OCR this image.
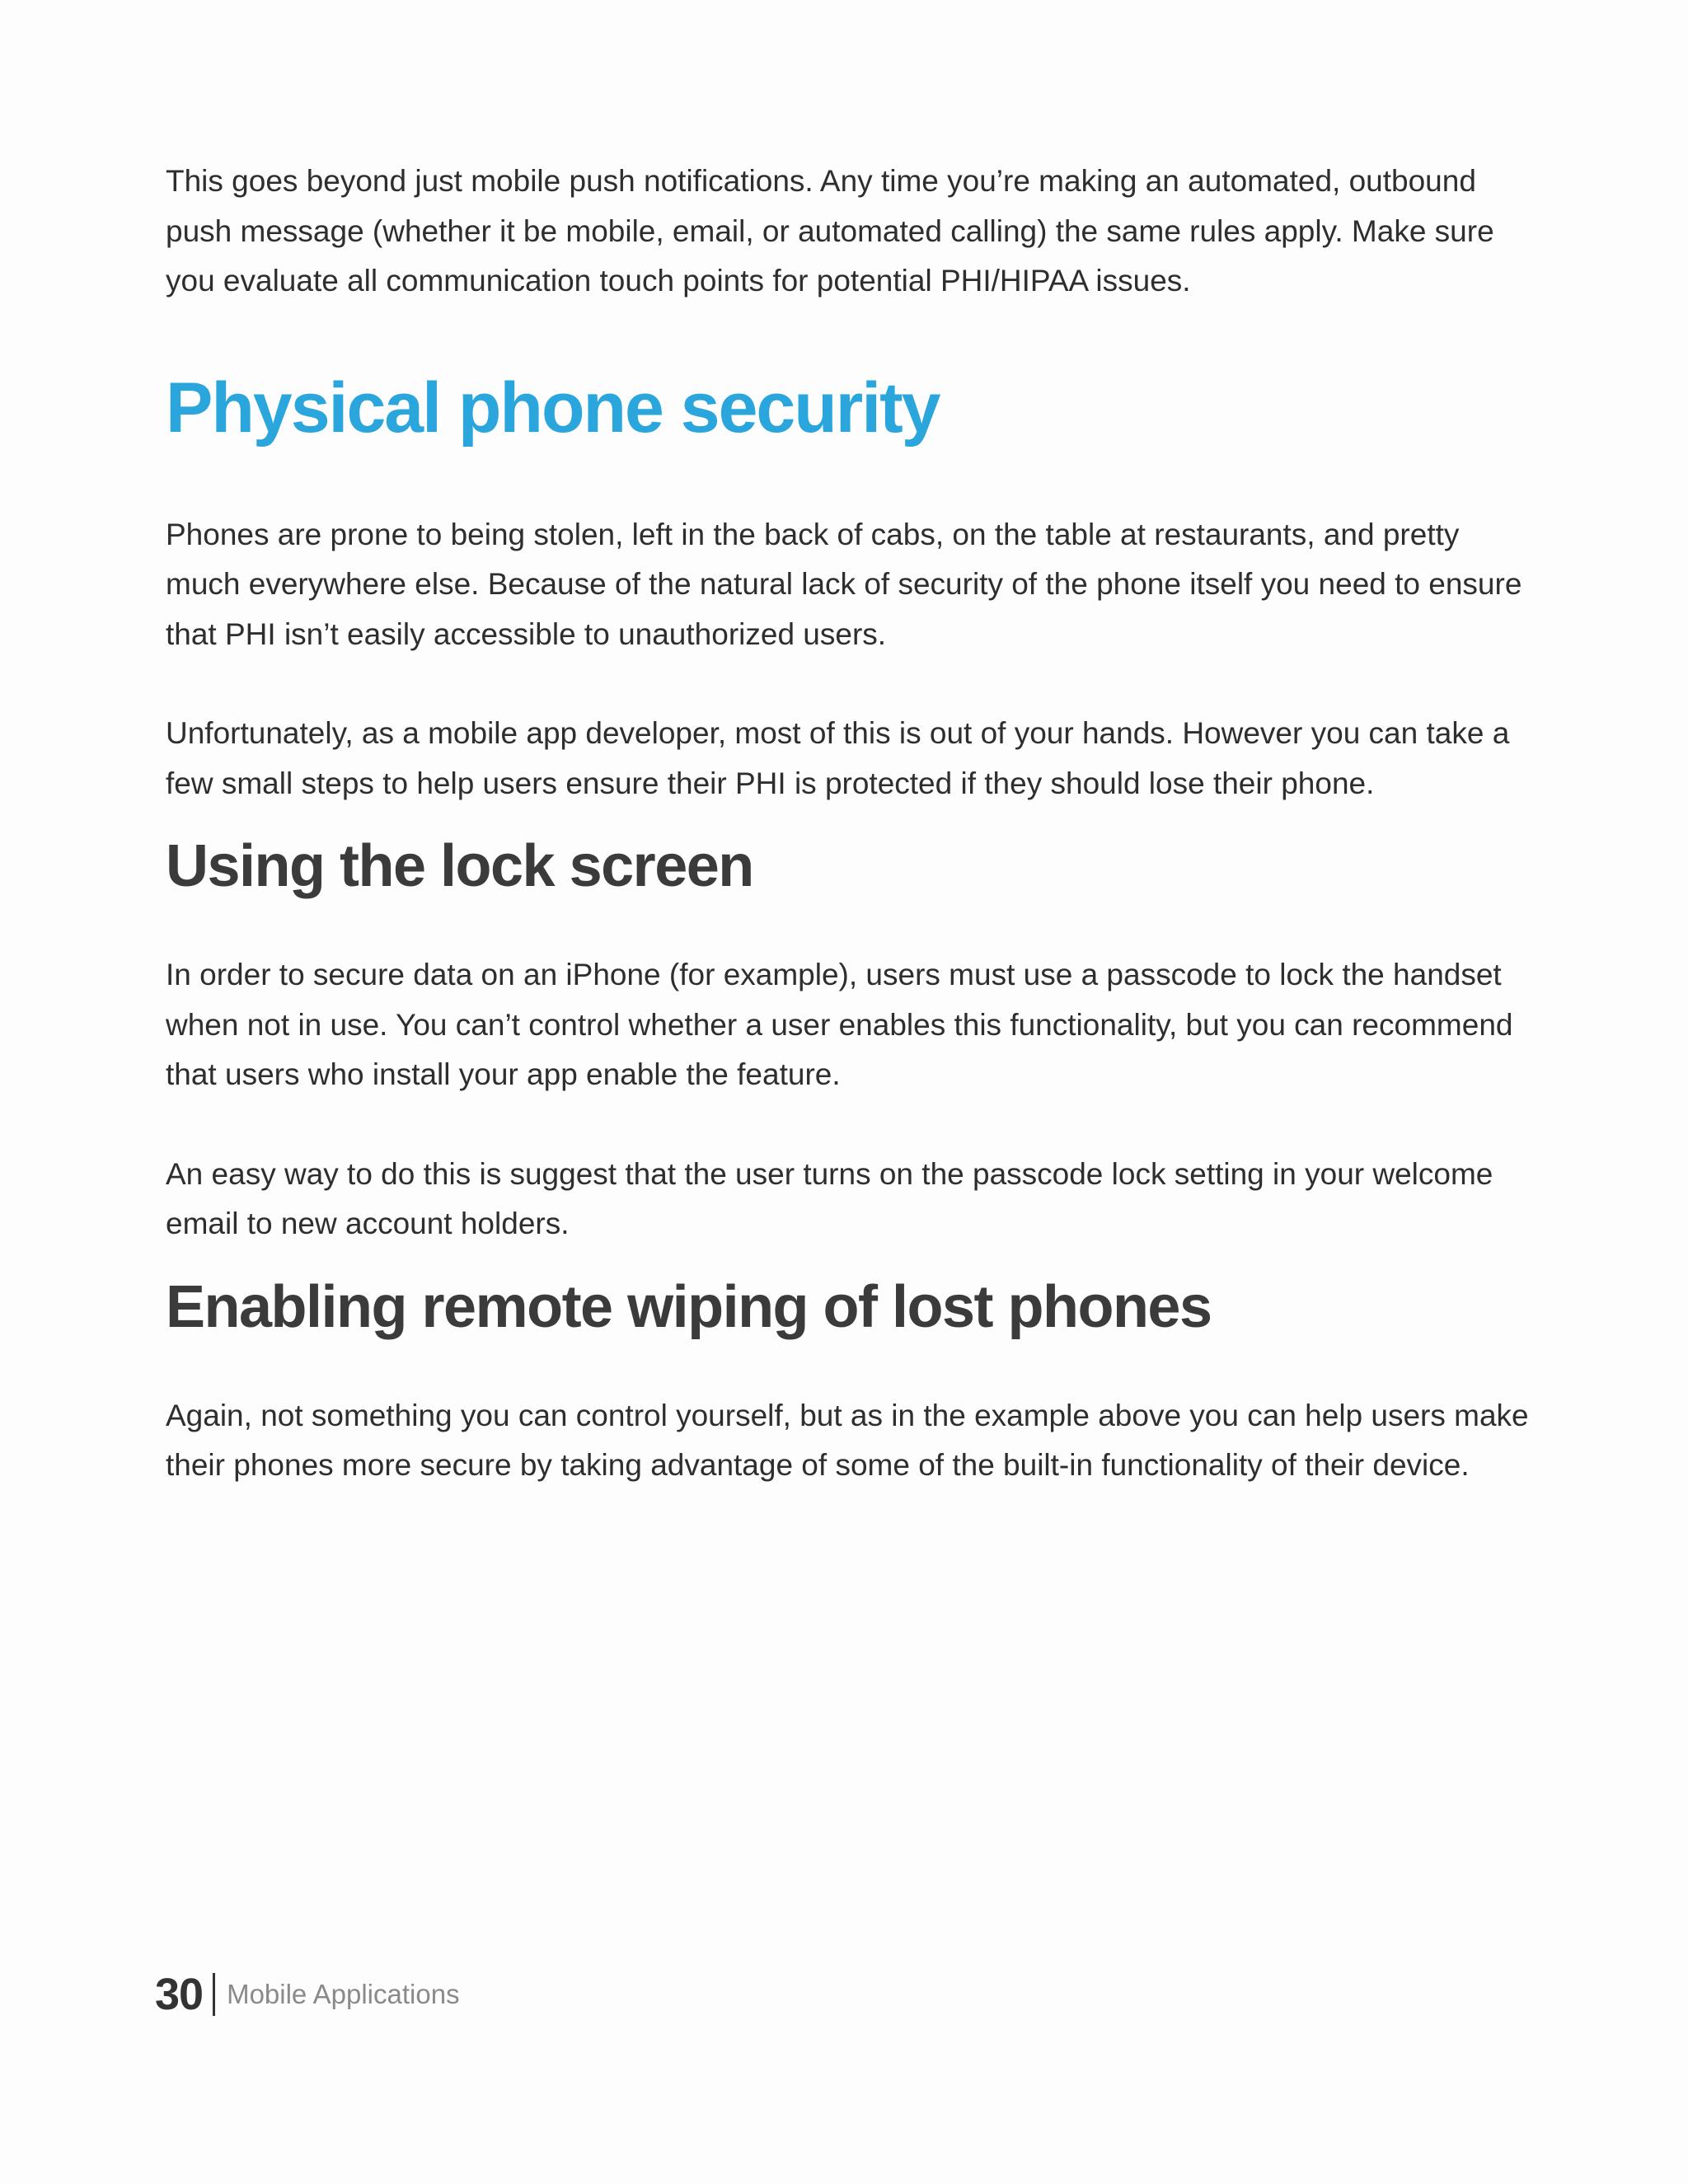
This goes beyond just mobile push notifications. Any time you’re making an automated, outbound push message (whether it be mobile, email, or automated calling) the same rules apply. Make sure you evaluate all communication touch points for potential PHI/HIPAA issues.

Physical phone security

Phones are prone to being stolen, left in the back of cabs, on the table at restaurants, and pretty much everywhere else. Because of the natural lack of security of the phone itself you need to ensure that PHI isn’t easily accessible to unauthorized users.

Unfortunately, as a mobile app developer, most of this is out of your hands. However you can take a few small steps to help users ensure their PHI is protected if they should lose their phone.

Using the lock screen

In order to secure data on an iPhone (for example), users must use a passcode to lock the handset when not in use. You can’t control whether a user enables this functionality, but you can recommend that users who install your app enable the feature.

An easy way to do this is suggest that the user turns on the passcode lock setting in your welcome email to new account holders.

Enabling remote wiping of lost phones

Again, not something you can control yourself, but as in the example above you can help users make their phones more secure by taking advantage of some of the built-in functionality of their device.

30 Mobile Applications
